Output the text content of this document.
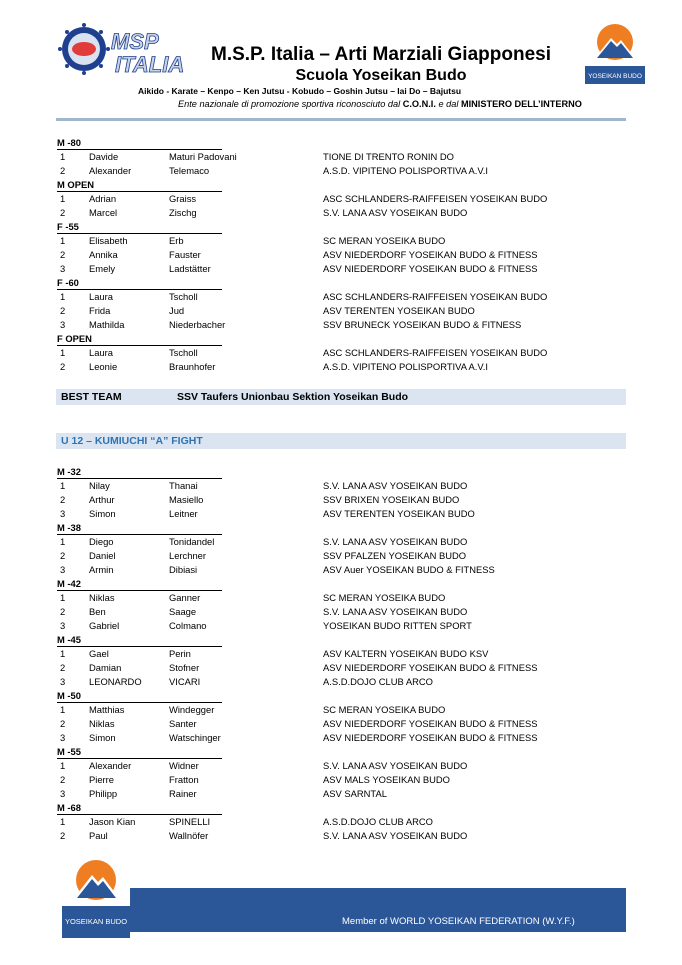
MSP
ITALIA	YOSEIKAN BUDO
M.S.P. Italia – Arti Marziali Giapponesi
Scuola Yoseikan Budo
Aikido - Karate – Kenpo – Ken Jutsu - Kobudo – Goshin Jutsu – Iai Do – Bajutsu
Ente nazionale di promozione sportiva riconosciuto dal C.O.N.I. e dal MINISTERO DELL’INTERNO
M -80
1	Davide	Maturi Padovani	TIONE DI TRENTO RONIN DO
2	Alexander	Telemaco	A.S.D. VIPITENO POLISPORTIVA A.V.I
M OPEN
1	Adrian	Graiss	ASC SCHLANDERS-RAIFFEISEN YOSEIKAN BUDO
2	Marcel	Zischg	S.V. LANA ASV YOSEIKAN BUDO
F -55
1	Elisabeth	Erb	SC MERAN YOSEIKA BUDO
2	Annika	Fauster	ASV NIEDERDORF YOSEIKAN BUDO & FITNESS
3	Emely	Ladstätter	ASV NIEDERDORF YOSEIKAN BUDO & FITNESS
F -60
1	Laura	Tscholl	ASC SCHLANDERS-RAIFFEISEN YOSEIKAN BUDO
2	Frida	Jud	ASV TERENTEN YOSEIKAN BUDO
3	Mathilda	Niederbacher	SSV BRUNECK YOSEIKAN BUDO & FITNESS
F OPEN
1	Laura	Tscholl	ASC SCHLANDERS-RAIFFEISEN YOSEIKAN BUDO
2	Leonie	Braunhofer	A.S.D. VIPITENO POLISPORTIVA A.V.I
BEST TEAM	SSV Taufers Unionbau Sektion Yoseikan Budo
U 12 – KUMIUCHI “A” FIGHT
M -32
1	Nilay	Thanai	S.V. LANA ASV YOSEIKAN BUDO
2	Arthur	Masiello	SSV BRIXEN YOSEIKAN BUDO
3	Simon	Leitner	ASV TERENTEN YOSEIKAN BUDO
M -38
1	Diego	Tonidandel	S.V. LANA ASV YOSEIKAN BUDO
2	Daniel	Lerchner	SSV PFALZEN YOSEIKAN BUDO
3	Armin	Dibiasi	ASV Auer YOSEIKAN BUDO & FITNESS
M -42
1	Niklas	Ganner	SC MERAN YOSEIKA BUDO
2	Ben	Saage	S.V. LANA ASV YOSEIKAN BUDO
3	Gabriel	Colmano	YOSEIKAN BUDO RITTEN SPORT
M -45
1	Gael	Perin	ASV KALTERN YOSEIKAN BUDO KSV
2	Damian	Stofner	ASV NIEDERDORF YOSEIKAN BUDO & FITNESS
3	LEONARDO	VICARI	A.S.D.DOJO CLUB ARCO
M -50
1	Matthias	Windegger	SC MERAN YOSEIKA BUDO
2	Niklas	Santer	ASV NIEDERDORF YOSEIKAN BUDO & FITNESS
3	Simon	Watschinger	ASV NIEDERDORF YOSEIKAN BUDO & FITNESS
M -55
1	Alexander	Widner	S.V. LANA ASV YOSEIKAN BUDO
2	Pierre	Fratton	ASV MALS YOSEIKAN BUDO
3	Philipp	Rainer	ASV SARNTAL
M -68
1	Jason Kian	SPINELLI	A.S.D.DOJO CLUB ARCO
2	Paul	Wallnöfer	S.V. LANA ASV YOSEIKAN BUDO
YOSEIKAN BUDO	Member of WORLD YOSEIKAN FEDERATION (W.Y.F.)
